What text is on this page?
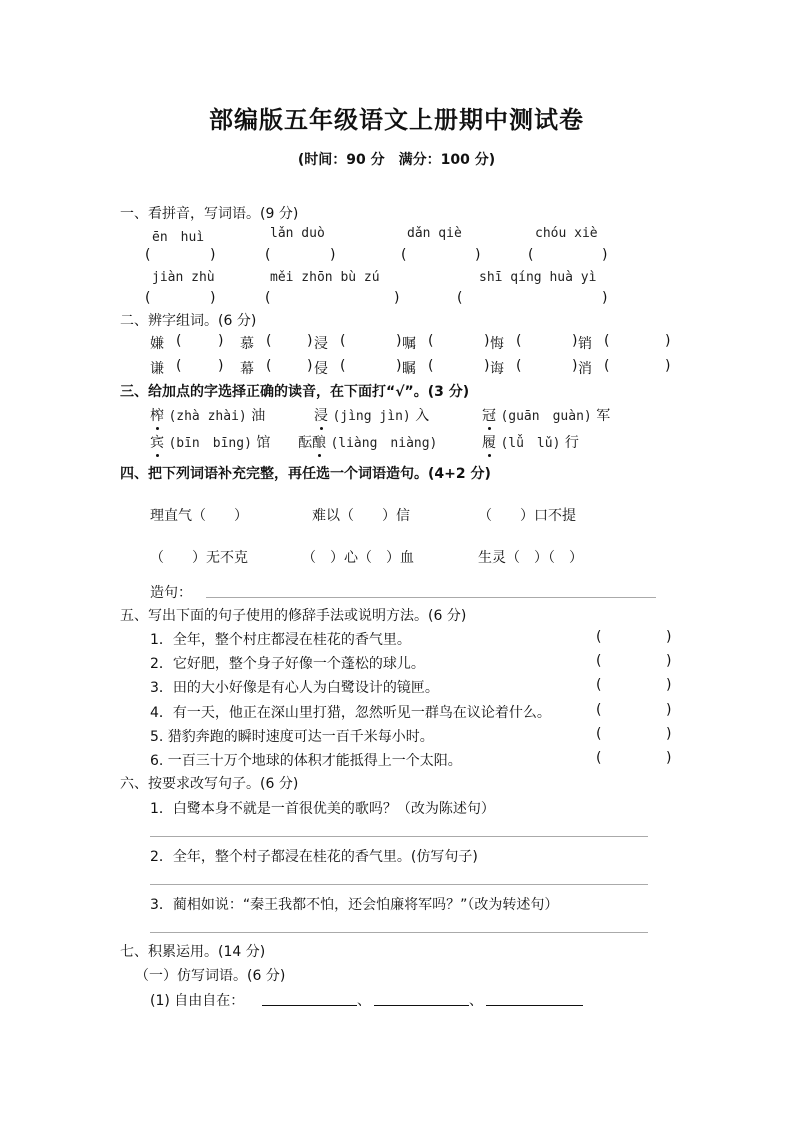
部编版五年级语文上册期中测试卷
(时间：90 分　满分：100 分)
一、看拼音，写词语。(9 分)
ēn　huì	lǎn duò	dǎn qiè	chóu xiè
(	)	(	)	(	)	(	)
jiàn zhù	měi zhōn bù zú	shī qíng huà yì
(	)	(	)	(	)
二、辨字组词。(6 分)
嫌 (	) 慕 (	) 浸 (	) 嘱 (	) 悔 (	) 销 (	)
谦 (	) 幕 (	) 侵 (	) 瞩 (	) 诲 (	) 消 (	)
三、给加点的字选择正确的读音，在下面打“√”。(3 分)
榨 (zhà zhài) 油	浸 (jìng jìn) 入	冠 (guān　guàn) 军
宾 (bīn　bīng) 馆 酝酿 (liàng　niàng)	履 (lǚ　lǔ) 行
四、把下列词语补充完整，再任选一个词语造句。(4+2 分)
理直气（　　）	难以（　　）信	（　　）口不提
（　　）无不克	（　）心（　）血	生灵（　）（　）
造句：
五、写出下面的句子使用的修辞手法或说明方法。(6 分)
1．全年，整个村庄都浸在桂花的香气里。	(	)
2．它好肥，整个身子好像一个蓬松的球儿。	(	)
3．田的大小好像是有心人为白鹭设计的镜匣。	(	)
4．有一天，他正在深山里打猎，忽然听见一群鸟在议论着什么。	(	)
5. 猎豹奔跑的瞬时速度可达一百千米每小时。	(	)
6. 一百三十万个地球的体积才能抵得上一个太阳。	(	)
六、按要求改写句子。(6 分)
1．白鹭本身不就是一首很优美的歌吗？（改为陈述句）
2．全年，整个村子都浸在桂花的香气里。(仿写句子)
3．蔺相如说：“秦王我都不怕，还会怕廉将军吗？”（改为转述句）
七、积累运用。(14 分)
（一）仿写词语。(6 分)
(1) 自由自在：	、	、
